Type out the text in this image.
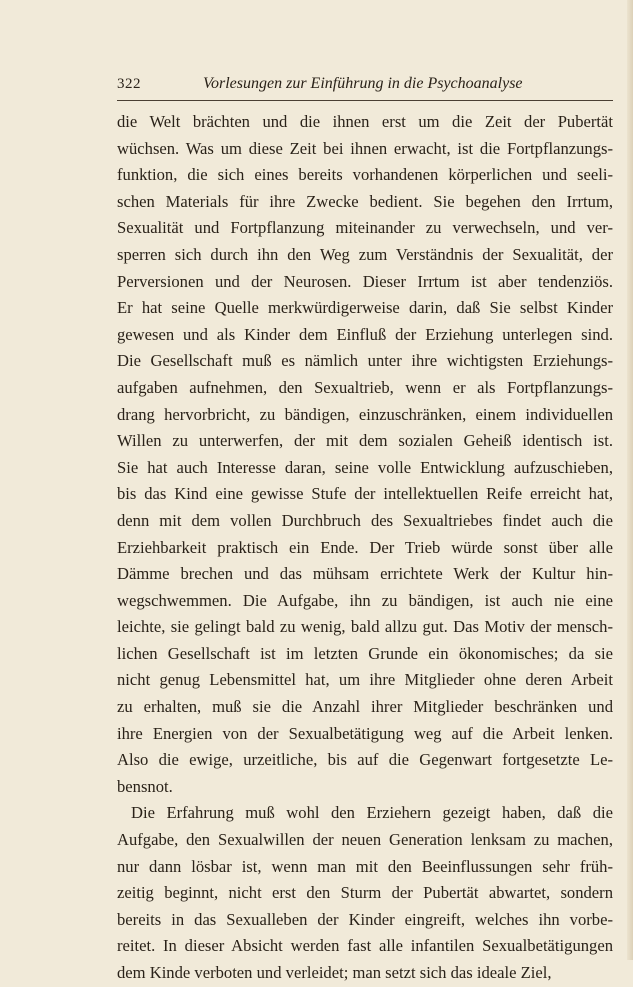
322	Vorlesungen zur Einführung in die Psychoanalyse
die Welt brächten und die ihnen erst um die Zeit der Pubertät
wüchsen. Was um diese Zeit bei ihnen erwacht, ist die Fortpflanzungs-
funktion, die sich eines bereits vorhandenen körperlichen und seeli-
schen Materials für ihre Zwecke bedient. Sie begehen den Irrtum,
Sexualität und Fortpflanzung miteinander zu verwechseln, und ver-
sperren sich durch ihn den Weg zum Verständnis der Sexualität, der
Perversionen und der Neurosen. Dieser Irrtum ist aber tendenziös.
Er hat seine Quelle merkwürdigerweise darin, daß Sie selbst Kinder
gewesen und als Kinder dem Einfluß der Erziehung unterlegen sind.
Die Gesellschaft muß es nämlich unter ihre wichtigsten Erziehungs-
aufgaben aufnehmen, den Sexualtrieb, wenn er als Fortpflanzungs-
drang hervorbricht, zu bändigen, einzuschränken, einem individuellen
Willen zu unterwerfen, der mit dem sozialen Geheiß identisch ist.
Sie hat auch Interesse daran, seine volle Entwicklung aufzuschieben,
bis das Kind eine gewisse Stufe der intellektuellen Reife erreicht hat,
denn mit dem vollen Durchbruch des Sexualtriebes findet auch die
Erziehbarkeit praktisch ein Ende. Der Trieb würde sonst über alle
Dämme brechen und das mühsam errichtete Werk der Kultur hin-
wegschwemmen. Die Aufgabe, ihn zu bändigen, ist auch nie eine
leichte, sie gelingt bald zu wenig, bald allzu gut. Das Motiv der mensch-
lichen Gesellschaft ist im letzten Grunde ein ökonomisches; da sie
nicht genug Lebensmittel hat, um ihre Mitglieder ohne deren Arbeit
zu erhalten, muß sie die Anzahl ihrer Mitglieder beschränken und
ihre Energien von der Sexualbetätigung weg auf die Arbeit lenken.
Also die ewige, urzeitliche, bis auf die Gegenwart fortgesetzte Le-
bensnot.
Die Erfahrung muß wohl den Erziehern gezeigt haben, daß die
Aufgabe, den Sexualwillen der neuen Generation lenksam zu machen,
nur dann lösbar ist, wenn man mit den Beeinflussungen sehr früh-
zeitig beginnt, nicht erst den Sturm der Pubertät abwartet, sondern
bereits in das Sexualleben der Kinder eingreift, welches ihn vorbe-
reitet. In dieser Absicht werden fast alle infantilen Sexualbetätigungen
dem Kinde verboten und verleidet; man setzt sich das ideale Ziel,
